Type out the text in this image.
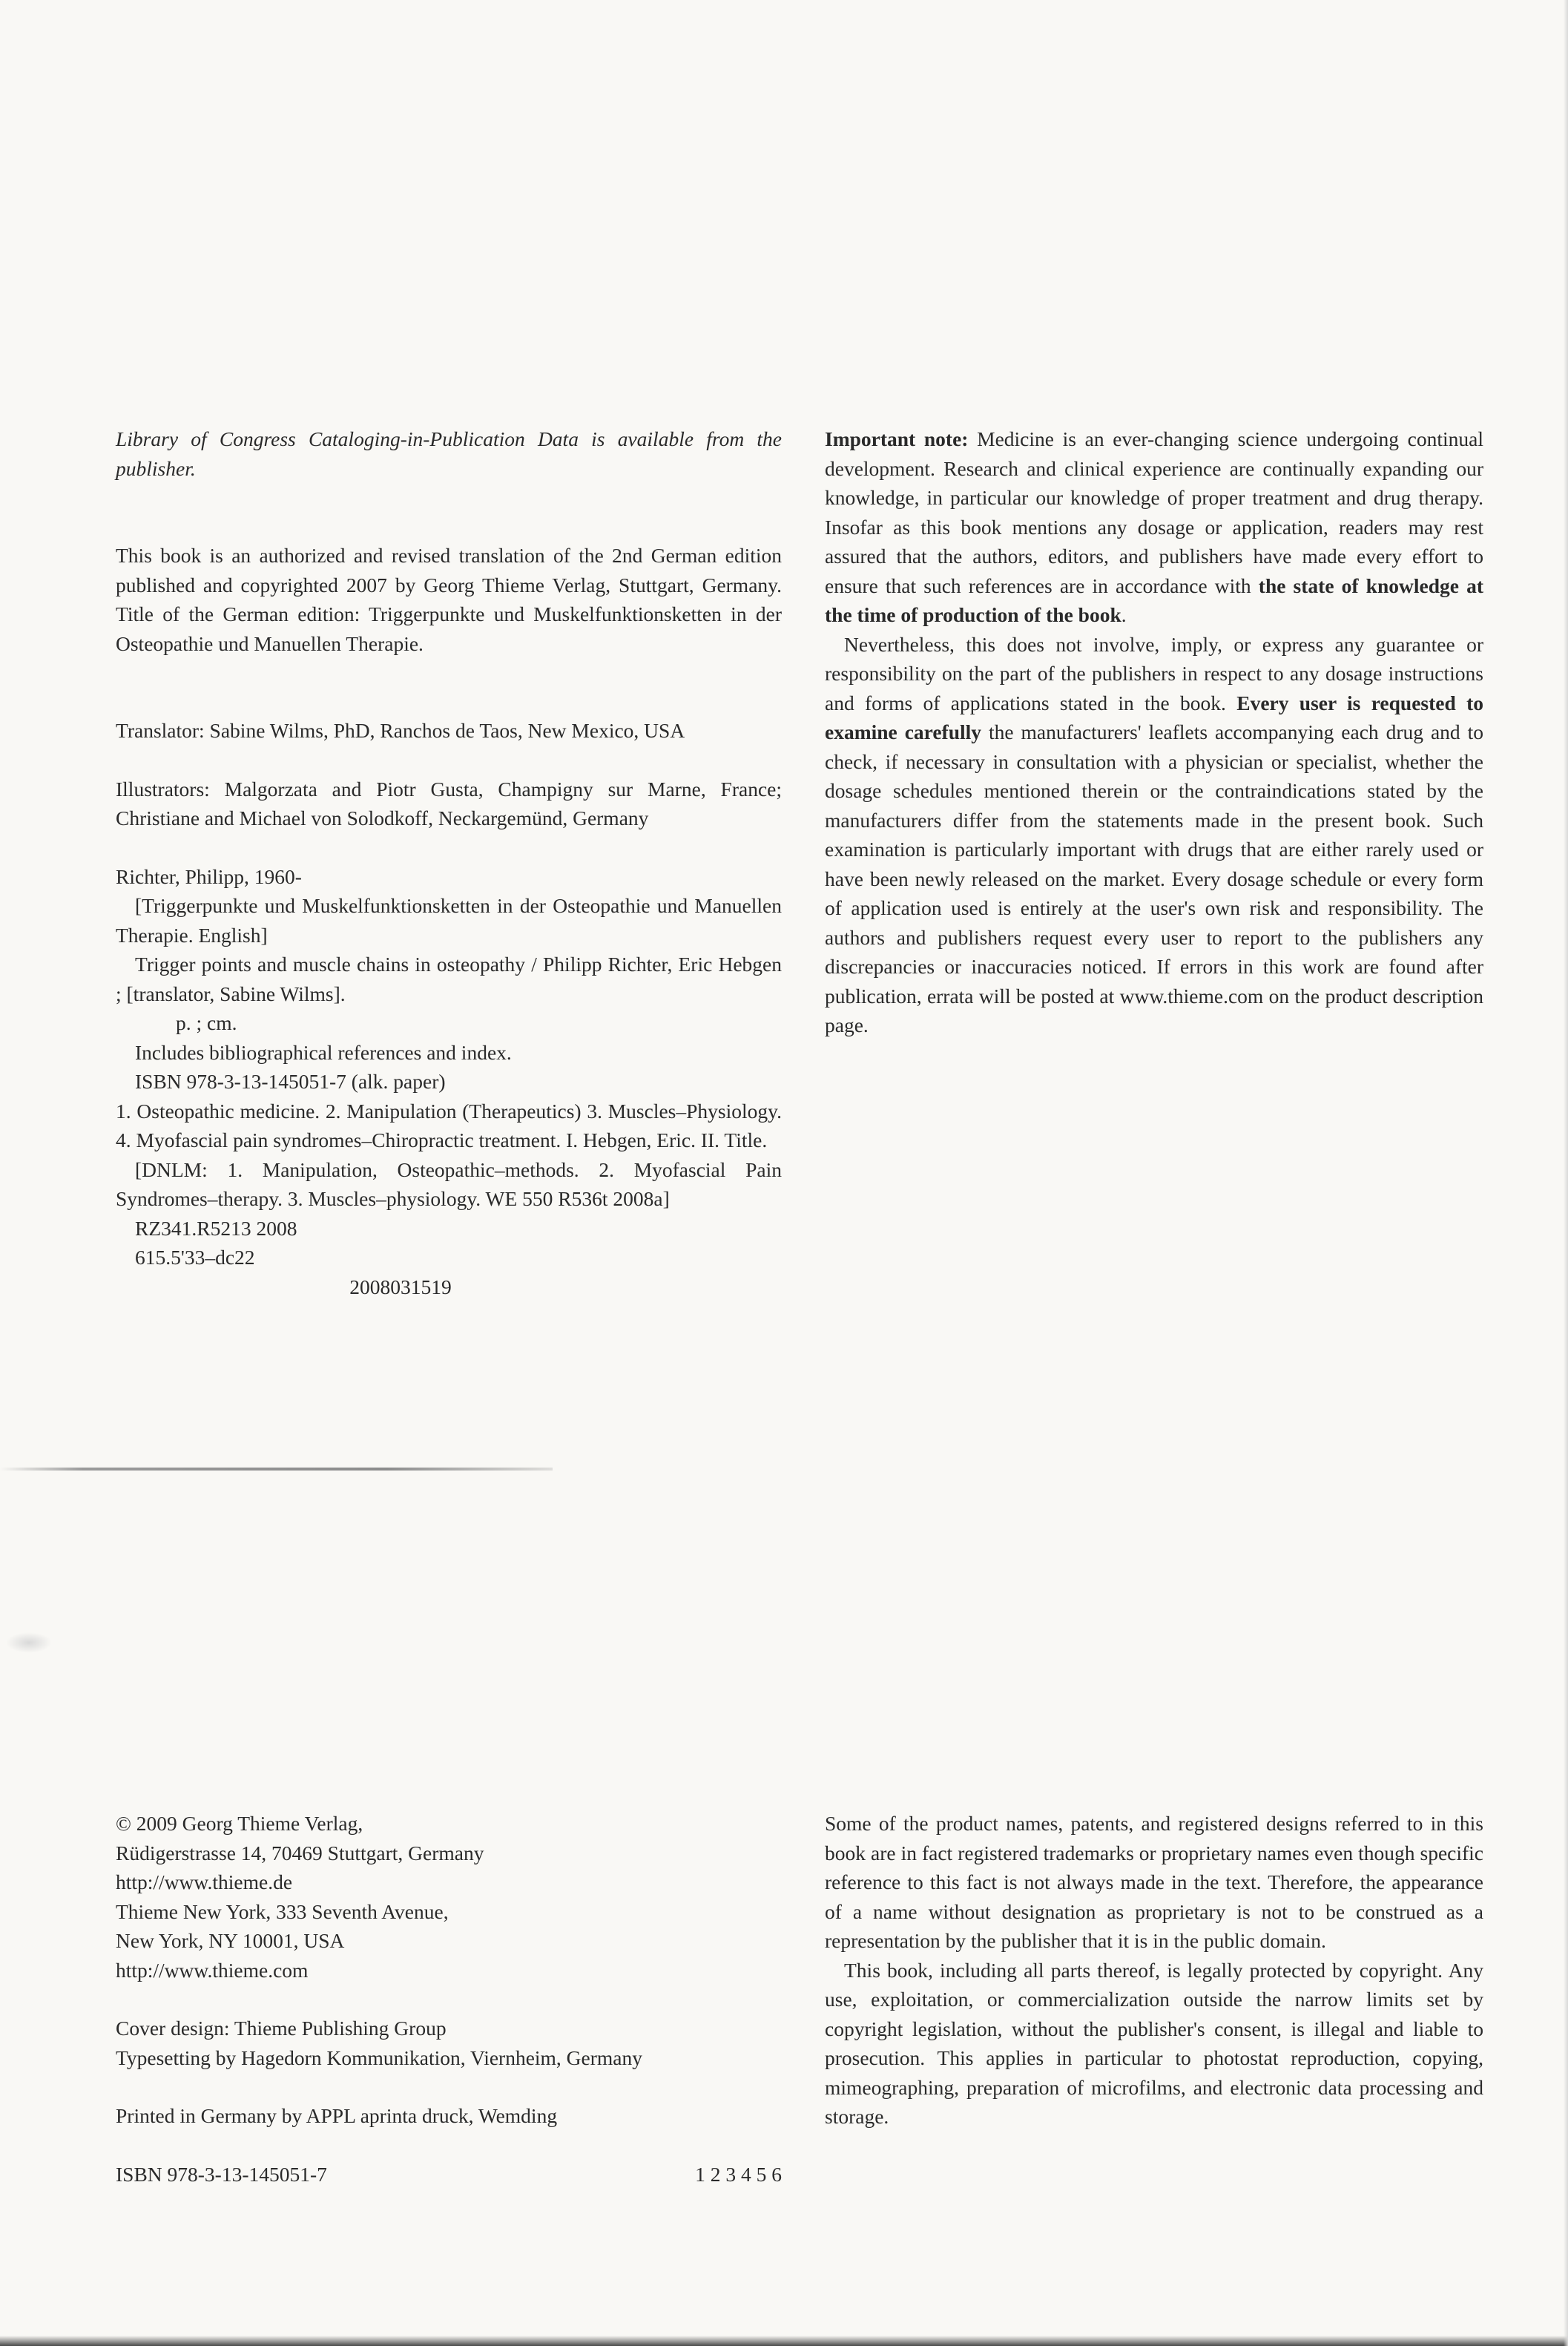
Library of Congress Cataloging-in-Publication Data is available from the publisher.

This book is an authorized and revised translation of the 2nd German edition published and copyrighted 2007 by Georg Thieme Verlag, Stuttgart, Germany. Title of the German edition: Triggerpunkte und Muskelfunktionsketten in der Osteopathie und Manuellen Therapie.

Translator: Sabine Wilms, PhD, Ranchos de Taos, New Mexico, USA

Illustrators: Malgorzata and Piotr Gusta, Champigny sur Marne, France; Christiane and Michael von Solodkoff, Neckargemünd, Germany

Richter, Philipp, 1960-

[Triggerpunkte und Muskelfunktionsketten in der Osteopathie und Manuellen Therapie. English]

Trigger points and muscle chains in osteopathy / Philipp Richter, Eric Hebgen ; [translator, Sabine Wilms].

p. ; cm.

Includes bibliographical references and index.

ISBN 978-3-13-145051-7 (alk. paper)

1. Osteopathic medicine. 2. Manipulation (Therapeutics) 3. Muscles–Physiology. 4. Myofascial pain syndromes–Chiropractic treatment. I. Hebgen, Eric. II. Title.

[DNLM: 1. Manipulation, Osteopathic–methods. 2. Myofascial Pain Syndromes–therapy. 3. Muscles–physiology. WE 550 R536t 2008a]

RZ341.R5213 2008

615.5'33–dc22

2008031519

Important note: Medicine is an ever-changing science undergoing continual development. Research and clinical experience are continually expanding our knowledge, in particular our knowledge of proper treatment and drug therapy. Insofar as this book mentions any dosage or application, readers may rest assured that the authors, editors, and publishers have made every effort to ensure that such references are in accordance with the state of knowledge at the time of production of the book.

Nevertheless, this does not involve, imply, or express any guarantee or responsibility on the part of the publishers in respect to any dosage instructions and forms of applications stated in the book. Every user is requested to examine carefully the manufacturers' leaflets accompanying each drug and to check, if necessary in consultation with a physician or specialist, whether the dosage schedules mentioned therein or the contraindications stated by the manufacturers differ from the statements made in the present book. Such examination is particularly important with drugs that are either rarely used or have been newly released on the market. Every dosage schedule or every form of application used is entirely at the user's own risk and responsibility. The authors and publishers request every user to report to the publishers any discrepancies or inaccuracies noticed. If errors in this work are found after publication, errata will be posted at www.thieme.com on the product description page.

© 2009 Georg Thieme Verlag,

Rüdigerstrasse 14, 70469 Stuttgart, Germany

http://www.thieme.de

Thieme New York, 333 Seventh Avenue,

New York, NY 10001, USA

http://www.thieme.com

Cover design: Thieme Publishing Group

Typesetting by Hagedorn Kommunikation, Viernheim, Germany

Printed in Germany by APPL aprinta druck, Wemding

ISBN 978-3-13-145051-7	1 2 3 4 5 6

Some of the product names, patents, and registered designs referred to in this book are in fact registered trademarks or proprietary names even though specific reference to this fact is not always made in the text. Therefore, the appearance of a name without designation as proprietary is not to be construed as a representation by the publisher that it is in the public domain.

This book, including all parts thereof, is legally protected by copyright. Any use, exploitation, or commercialization outside the narrow limits set by copyright legislation, without the publisher's consent, is illegal and liable to prosecution. This applies in particular to photostat reproduction, copying, mimeographing, preparation of microfilms, and electronic data processing and storage.
